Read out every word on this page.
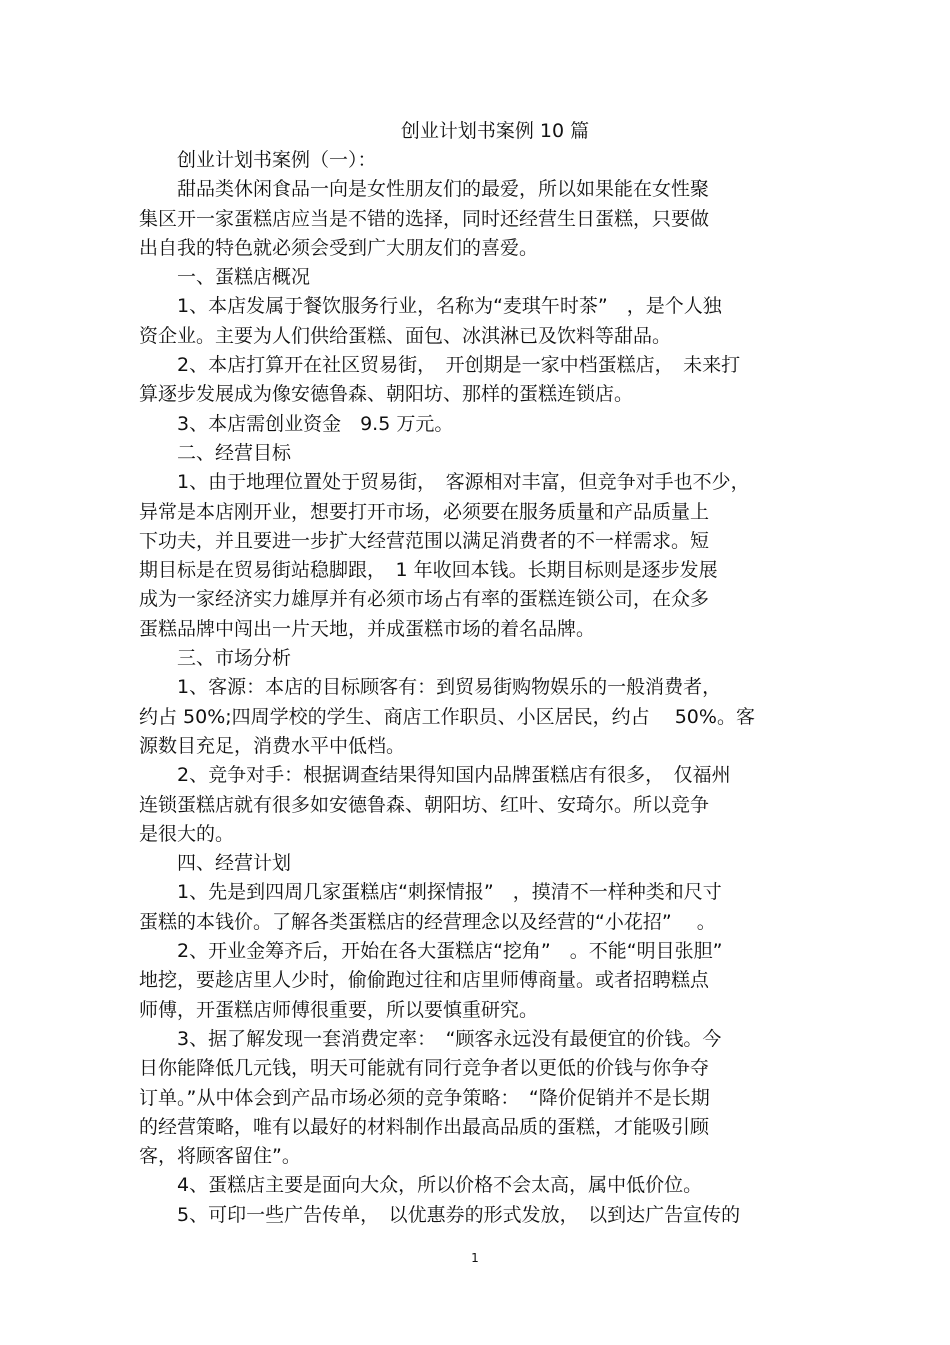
创业计划书案例 10 篇
创业计划书案例（一）：
甜品类休闲食品一向是女性朋友们的最爱，所以如果能在女性聚
集区开一家蛋糕店应当是不错的选择，同时还经营生日蛋糕，只要做
出自我的特色就必须会受到广大朋友们的喜爱。
一、蛋糕店概况
1、本店发属于餐饮服务行业，名称为“麦琪午时茶”　，是个人独
资企业。主要为人们供给蛋糕、面包、冰淇淋已及饮料等甜品。
2、本店打算开在社区贸易街，　开创期是一家中档蛋糕店，　未来打
算逐步发展成为像安德鲁森、朝阳坊、那样的蛋糕连锁店。
3、本店需创业资金　9.5 万元。
二、经营目标
1、由于地理位置处于贸易街，　客源相对丰富，但竞争对手也不少，
异常是本店刚开业，想要打开市场，必须要在服务质量和产品质量上
下功夫，并且要进一步扩大经营范围以满足消费者的不一样需求。短
期目标是在贸易街站稳脚跟，　1 年收回本钱。长期目标则是逐步发展
成为一家经济实力雄厚并有必须市场占有率的蛋糕连锁公司，在众多
蛋糕品牌中闯出一片天地，并成蛋糕市场的着名品牌。
三、市场分析
1、客源：本店的目标顾客有：到贸易街购物娱乐的一般消费者，
约占 50%;四周学校的学生、商店工作职员、小区居民，约占　 50%。客
源数目充足，消费水平中低档。
2、竞争对手：根据调查结果得知国内品牌蛋糕店有很多，　仅福州
连锁蛋糕店就有很多如安德鲁森、朝阳坊、红叶、安琦尔。所以竞争
是很大的。
四、经营计划
1、先是到四周几家蛋糕店“刺探情报”　，摸清不一样种类和尺寸
蛋糕的本钱价。了解各类蛋糕店的经营理念以及经营的“小花招”　 。
2、开业金筹齐后，开始在各大蛋糕店“挖角”　。不能“明目张胆”
地挖，要趁店里人少时，偷偷跑过往和店里师傅商量。或者招聘糕点
师傅，开蛋糕店师傅很重要，所以要慎重研究。
3、据了解发现一套消费定率：　“顾客永远没有最便宜的价钱。今
日你能降低几元钱，明天可能就有同行竞争者以更低的价钱与你争夺
订单。”从中体会到产品市场必须的竞争策略：　“降价促销并不是长期
的经营策略，唯有以最好的材料制作出最高品质的蛋糕，才能吸引顾
客，将顾客留住”。
4、蛋糕店主要是面向大众，所以价格不会太高，属中低价位。
5、可印一些广告传单，　以优惠券的形式发放，　以到达广告宣传的
1
